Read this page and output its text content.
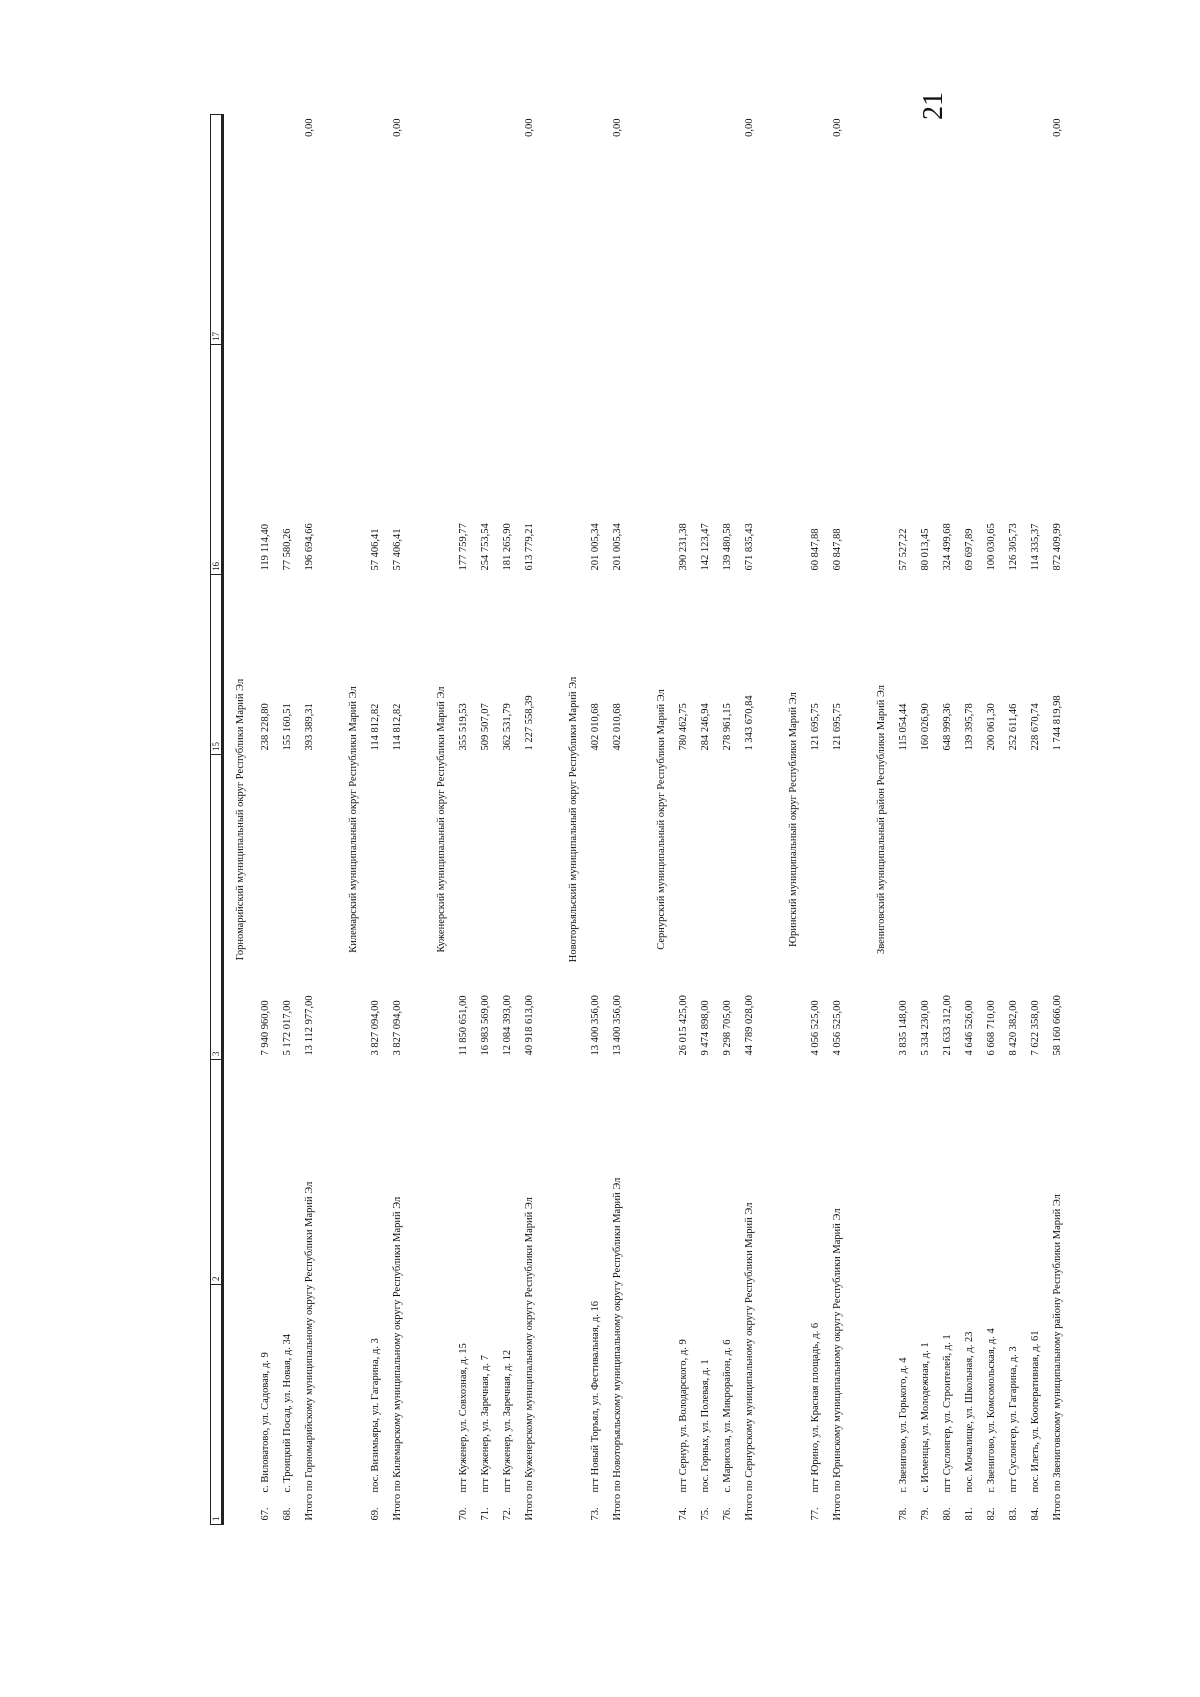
21
1	2	3	15	16	17
Горномарийский муниципальный округ Республики Марий Эл					
67.с. Виловатово, ул. Садовая, д. 9		7 940 960,00	238 228,80	119 114,40	
68.с. Троицкий Посад, ул. Новая, д. 34		5 172 017,00	155 160,51	77 580,26	
Итого по Горномарийскому муниципальному округу Республики Марий Эл		13 112 977,00	393 389,31	196 694,66	0,00

Килемарский муниципальный округ Республики Марий Эл					
69.пос. Визимьяры, ул. Гагарина, д. 3		3 827 094,00	114 812,82	57 406,41	
Итого по Килемарскому муниципальному округу Республики Марий Эл		3 827 094,00	114 812,82	57 406,41	0,00

Куженерский муниципальный округ Республики Марий Эл					
70.пгт Куженер, ул. Совхозная, д. 15		11 850 651,00	355 519,53	177 759,77	
71.пгт Куженер, ул. Заречная, д. 7		16 983 569,00	509 507,07	254 753,54	
72.пгт Куженер, ул. Заречная, д. 12		12 084 393,00	362 531,79	181 265,90	
Итого по Куженерскому муниципальному округу Республики Марий Эл		40 918 613,00	1 227 558,39	613 779,21	0,00

Новоторъяльский муниципальный округ Республики Марий Эл					
73.пгт Новый Торъял, ул. Фестивальная, д. 16		13 400 356,00	402 010,68	201 005,34	
Итого по Новоторъяльскому муниципальному округу Республики Марий Эл		13 400 356,00	402 010,68	201 005,34	0,00

Сернурский муниципальный округ Республики Марий Эл					
74.пгт Сернур, ул. Володарского, д. 9		26 015 425,00	780 462,75	390 231,38	
75.пос. Горных, ул. Полевая, д. 1		9 474 898,00	284 246,94	142 123,47	
76.с. Марисола, ул. Микрорайон, д. 6		9 298 705,00	278 961,15	139 480,58	
Итого по Сернурскому муниципальному округу Республики Марий Эл		44 789 028,00	1 343 670,84	671 835,43	0,00

Юринский муниципальный округ Республики Марий Эл					
77.пгт Юрино, ул. Красная площадь, д. 6		4 056 525,00	121 695,75	60 847,88	
Итого по Юринскому муниципальному округу Республики Марий Эл		4 056 525,00	121 695,75	60 847,88	0,00

Звениговский муниципальный район Республики Марий Эл					
78.г. Звенигово, ул. Горького, д. 4		3 835 148,00	115 054,44	57 527,22	
79.с. Исменцы, ул. Молодежная, д. 1		5 334 230,00	160 026,90	80 013,45	
80.пгт Суслонгер, ул. Строителей, д. 1		21 633 312,00	648 999,36	324 499,68	
81.пос. Мочалище, ул. Школьная, д. 23		4 646 526,00	139 395,78	69 697,89	
82.г. Звенигово, ул. Комсомольская, д. 4		6 668 710,00	200 061,30	100 030,65	
83.пгт Суслонгер, ул. Гагарина, д. 3		8 420 382,00	252 611,46	126 305,73	
84.пос. Илеть, ул. Кооперативная, д. 61		7 622 358,00	228 670,74	114 335,37	
Итого по Звениговскому муниципальному району Республики Марий Эл		58 160 666,00	1 744 819,98	872 409,99	0,00
